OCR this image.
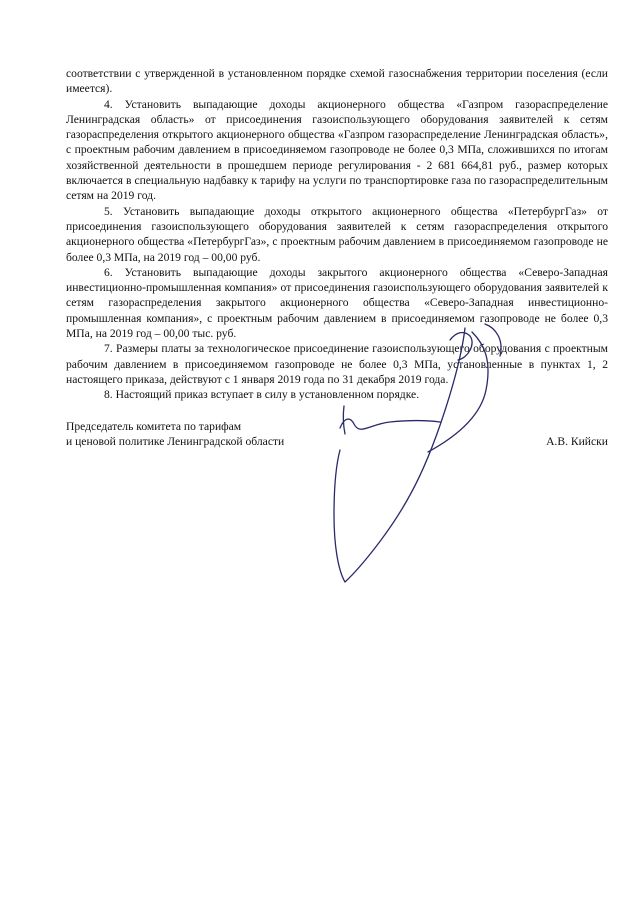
соответствии с утвержденной в установленном порядке схемой газоснабжения территории поселения (если имеется).

4. Установить выпадающие доходы акционерного общества «Газпром газораспределение Ленинградская область» от присоединения газоиспользующего оборудования заявителей к сетям газораспределения открытого акционерного общества «Газпром газораспределение Ленинградская область», с проектным рабочим давлением в присоединяемом газопроводе не более 0,3 МПа, сложившихся по итогам хозяйственной деятельности в прошедшем периоде регулирования - 2 681 664,81 руб., размер которых включается в специальную надбавку к тарифу на услуги по транспортировке газа по газораспределительным сетям на 2019 год.

5. Установить выпадающие доходы открытого акционерного общества «ПетербургГаз» от присоединения газоиспользующего оборудования заявителей к сетям газораспределения открытого акционерного общества «ПетербургГаз», с проектным рабочим давлением в присоединяемом газопроводе не более 0,3 МПа, на 2019 год – 00,00 руб.

6. Установить выпадающие доходы закрытого акционерного общества «Северо-Западная инвестиционно-промышленная компания» от присоединения газоиспользующего оборудования заявителей к сетям газораспределения закрытого акционерного общества «Северо-Западная инвестиционно-промышленная компания», с проектным рабочим давлением в присоединяемом газопроводе не более 0,3 МПа, на 2019 год – 00,00 тыс. руб.

7. Размеры платы за технологическое присоединение газоиспользующего оборудования с проектным рабочим давлением в присоединяемом газопроводе не более 0,3 МПа, установленные в пунктах 1, 2 настоящего приказа, действуют с 1 января 2019 года по 31 декабря 2019 года.

8. Настоящий приказ вступает в силу в установленном порядке.

Председатель комитета по тарифам
и ценовой политике Ленинградской области	А.В. Кийски
